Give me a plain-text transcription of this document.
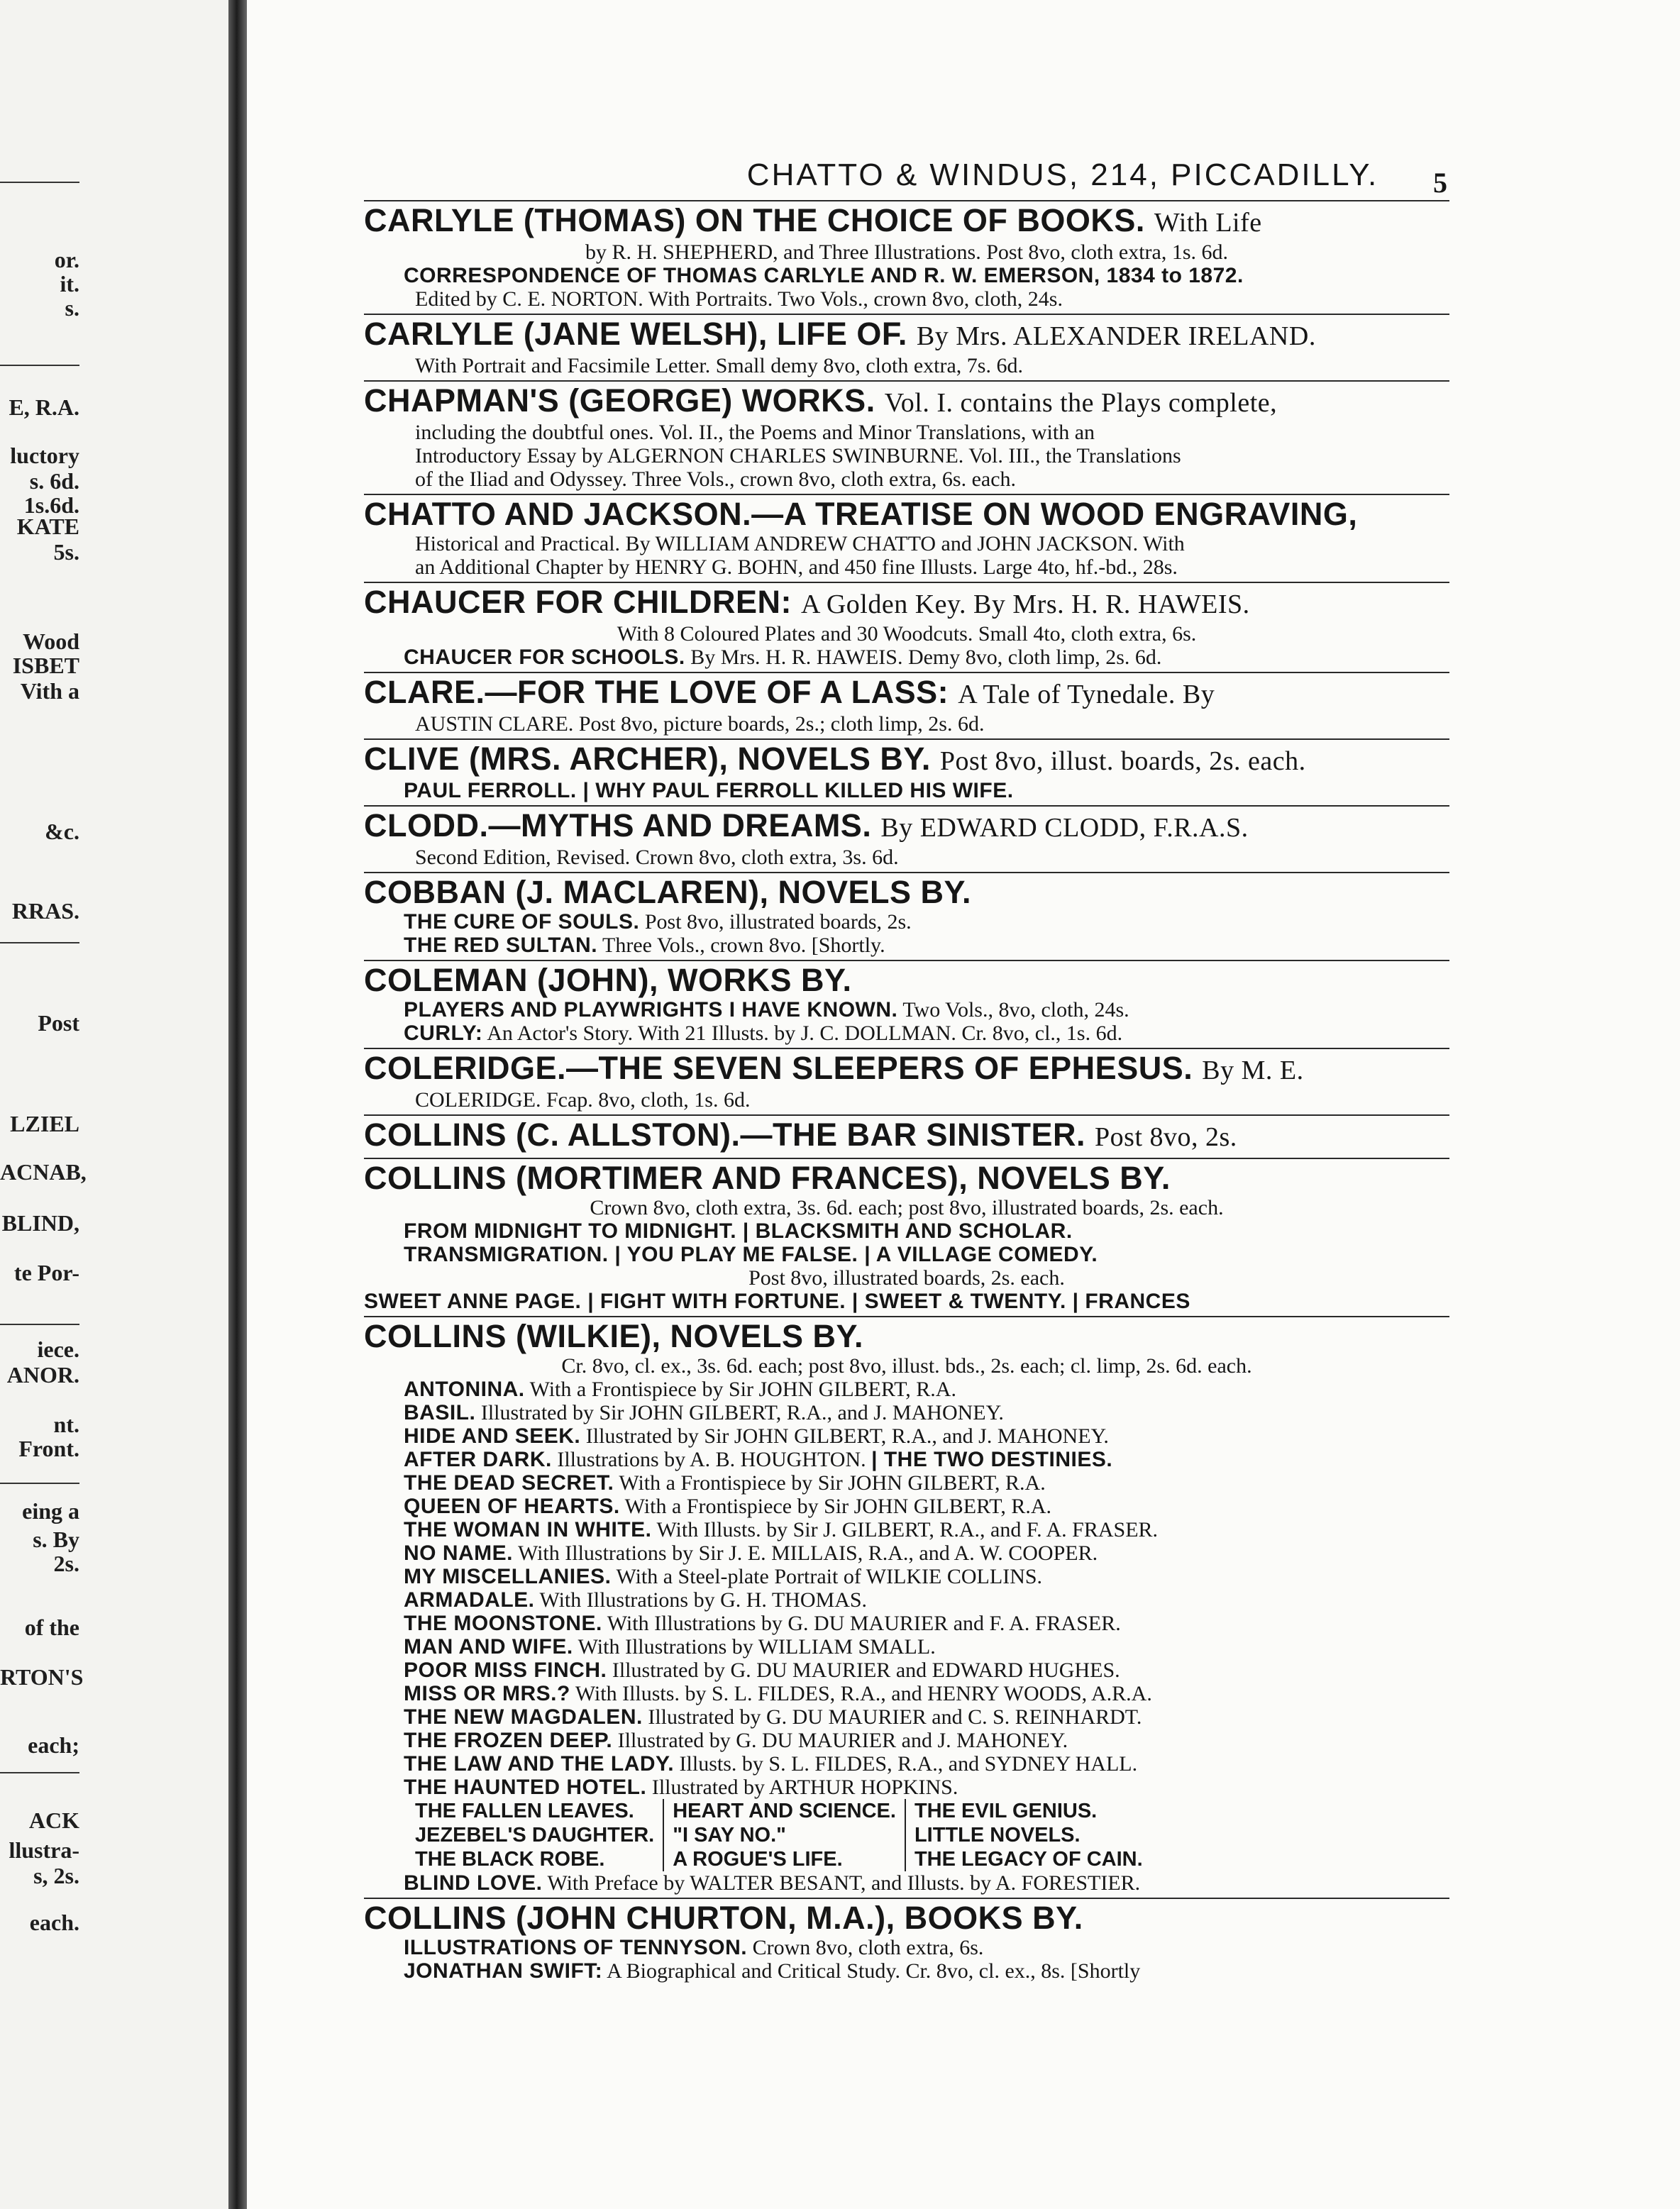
or.
it.
s.
E, R.A.
luctory
s. 6d.
1s.6d.
KATE
5s.
Wood
ISBET
Vith a
&c.
RRAS.
Post
LZIEL
ACNAB,
BLIND,
te Por-
iece.
ANOR.
nt.
Front.
eing a
s. By
2s.
of the
RTON'S
each;
ACK
llustra-
s, 2s.
each.
CHATTO & WINDUS, 214, PICCADILLY.	5
CARLYLE (THOMAS) ON THE CHOICE OF BOOKS. With Life
by R. H. SHEPHERD, and Three Illustrations. Post 8vo, cloth extra, 1s. 6d.
CORRESPONDENCE OF THOMAS CARLYLE AND R. W. EMERSON, 1834 to 1872.
Edited by C. E. NORTON. With Portraits. Two Vols., crown 8vo, cloth, 24s.
CARLYLE (JANE WELSH), LIFE OF. By Mrs. ALEXANDER IRELAND.
With Portrait and Facsimile Letter. Small demy 8vo, cloth extra, 7s. 6d.
CHAPMAN'S (GEORGE) WORKS. Vol. I. contains the Plays complete,
including the doubtful ones. Vol. II., the Poems and Minor Translations, with an
Introductory Essay by ALGERNON CHARLES SWINBURNE. Vol. III., the Translations
of the Iliad and Odyssey. Three Vols., crown 8vo, cloth extra, 6s. each.
CHATTO AND JACKSON.—A TREATISE ON WOOD ENGRAVING,
Historical and Practical. By WILLIAM ANDREW CHATTO and JOHN JACKSON. With
an Additional Chapter by HENRY G. BOHN, and 450 fine Illusts. Large 4to, hf.-bd., 28s.
CHAUCER FOR CHILDREN: A Golden Key. By Mrs. H. R. HAWEIS.
With 8 Coloured Plates and 30 Woodcuts. Small 4to, cloth extra, 6s.
CHAUCER FOR SCHOOLS. By Mrs. H. R. HAWEIS. Demy 8vo, cloth limp, 2s. 6d.
CLARE.—FOR THE LOVE OF A LASS: A Tale of Tynedale. By
AUSTIN CLARE. Post 8vo, picture boards, 2s.; cloth limp, 2s. 6d.
CLIVE (MRS. ARCHER), NOVELS BY. Post 8vo, illust. boards, 2s. each.
PAUL FERROLL. | WHY PAUL FERROLL KILLED HIS WIFE.
CLODD.—MYTHS AND DREAMS. By EDWARD CLODD, F.R.A.S.
Second Edition, Revised. Crown 8vo, cloth extra, 3s. 6d.
COBBAN (J. MACLAREN), NOVELS BY.
THE CURE OF SOULS. Post 8vo, illustrated boards, 2s.
THE RED SULTAN. Three Vols., crown 8vo. [Shortly.
COLEMAN (JOHN), WORKS BY.
PLAYERS AND PLAYWRIGHTS I HAVE KNOWN. Two Vols., 8vo, cloth, 24s.
CURLY: An Actor's Story. With 21 Illusts. by J. C. DOLLMAN. Cr. 8vo, cl., 1s. 6d.
COLERIDGE.—THE SEVEN SLEEPERS OF EPHESUS. By M. E.
COLERIDGE. Fcap. 8vo, cloth, 1s. 6d.
COLLINS (C. ALLSTON).—THE BAR SINISTER. Post 8vo, 2s.
COLLINS (MORTIMER AND FRANCES), NOVELS BY.
Crown 8vo, cloth extra, 3s. 6d. each; post 8vo, illustrated boards, 2s. each.
FROM MIDNIGHT TO MIDNIGHT. | BLACKSMITH AND SCHOLAR.
TRANSMIGRATION. | YOU PLAY ME FALSE. | A VILLAGE COMEDY.
Post 8vo, illustrated boards, 2s. each.
SWEET ANNE PAGE. | FIGHT WITH FORTUNE. | SWEET & TWENTY. | FRANCES
COLLINS (WILKIE), NOVELS BY.
Cr. 8vo, cl. ex., 3s. 6d. each; post 8vo, illust. bds., 2s. each; cl. limp, 2s. 6d. each.
ANTONINA. With a Frontispiece by Sir JOHN GILBERT, R.A.
BASIL. Illustrated by Sir JOHN GILBERT, R.A., and J. MAHONEY.
HIDE AND SEEK. Illustrated by Sir JOHN GILBERT, R.A., and J. MAHONEY.
AFTER DARK. Illustrations by A. B. HOUGHTON. | THE TWO DESTINIES.
THE DEAD SECRET. With a Frontispiece by Sir JOHN GILBERT, R.A.
QUEEN OF HEARTS. With a Frontispiece by Sir JOHN GILBERT, R.A.
THE WOMAN IN WHITE. With Illusts. by Sir J. GILBERT, R.A., and F. A. FRASER.
NO NAME. With Illustrations by Sir J. E. MILLAIS, R.A., and A. W. COOPER.
MY MISCELLANIES. With a Steel-plate Portrait of WILKIE COLLINS.
ARMADALE. With Illustrations by G. H. THOMAS.
THE MOONSTONE. With Illustrations by G. DU MAURIER and F. A. FRASER.
MAN AND WIFE. With Illustrations by WILLIAM SMALL.
POOR MISS FINCH. Illustrated by G. DU MAURIER and EDWARD HUGHES.
MISS OR MRS.? With Illusts. by S. L. FILDES, R.A., and HENRY WOODS, A.R.A.
THE NEW MAGDALEN. Illustrated by G. DU MAURIER and C. S. REINHARDT.
THE FROZEN DEEP. Illustrated by G. DU MAURIER and J. MAHONEY.
THE LAW AND THE LADY. Illusts. by S. L. FILDES, R.A., and SYDNEY HALL.
THE HAUNTED HOTEL. Illustrated by ARTHUR HOPKINS.
THE FALLEN LEAVES.
JEZEBEL'S DAUGHTER.
THE BLACK ROBE.
HEART AND SCIENCE.
"I SAY NO."
A ROGUE'S LIFE.
THE EVIL GENIUS.
LITTLE NOVELS.
THE LEGACY OF CAIN.
BLIND LOVE. With Preface by WALTER BESANT, and Illusts. by A. FORESTIER.
COLLINS (JOHN CHURTON, M.A.), BOOKS BY.
ILLUSTRATIONS OF TENNYSON. Crown 8vo, cloth extra, 6s.
JONATHAN SWIFT: A Biographical and Critical Study. Cr. 8vo, cl. ex., 8s. [Shortly
